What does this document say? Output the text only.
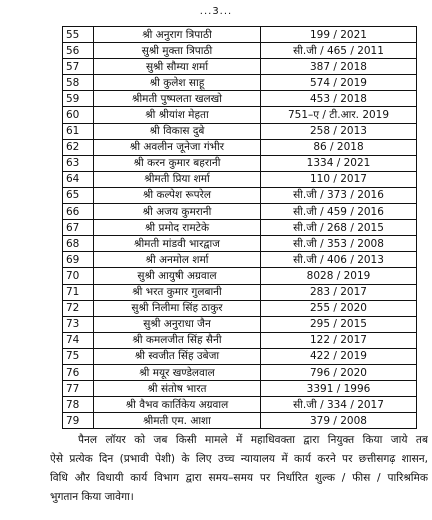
...3...
55	श्री अनुराग त्रिपाठी	199 / 2021
56	सुश्री मुक्ता त्रिपाठी	सी.जी / 465 / 2011
57	सुश्री सौम्या शर्मा	387 / 2018
58	श्री कुलेश साहू	574 / 2019
59	श्रीमती पुष्पलता खलखो	453 / 2018
60	श्री श्रीयांश मेहता	751–ए / टी.आर. 2019
61	श्री विकास दुबे	258 / 2013
62	श्री अवलीन जूनेजा गंभीर	86 / 2018
63	श्री करन कुमार बहरानी	1334 / 2021
64	श्रीमती प्रिया शर्मा	110 / 2017
65	श्री कल्पेश रूपरेल	सी.जी / 373 / 2016
66	श्री अजय कुमरानी	सी.जी / 459 / 2016
67	श्री प्रमोद रामटेके	सी.जी / 268 / 2015
68	श्रीमती मांडवी भारद्वाज	सी.जी / 353 / 2008
69	श्री अनमोल शर्मा	सी.जी / 406 / 2013
70	सुश्री आयुषी अग्रवाल	8028 / 2019
71	श्री भरत कुमार गुलबानी	283 / 2017
72	सुश्री निलीमा सिंह ठाकुर	255 / 2020
73	सुश्री अनुराधा जैन	295 / 2015
74	श्री कमलजीत सिंह सैनी	122 / 2017
75	श्री स्वजीत सिंह उबेजा	422 / 2019
76	श्री मयूर खण्डेलवाल	796 / 2020
77	श्री संतोष भारत	3391 / 1996
78	श्री वैभव कार्तिकेय अग्रवाल	सी.जी / 334 / 2017
79	श्रीमती एम. आशा	379 / 2008
पैनल लॉयर को जब किसी मामले में महाधिवक्ता द्वारा नियुक्त किया जाये तब
ऐसे प्रत्येक दिन (प्रभावी पेशी) के लिए उच्च न्यायालय में कार्य करने पर छत्तीसगढ़ शासन,
विधि और विधायी कार्य विभाग द्वारा समय–समय पर निर्धारित शुल्क / फीस / पारिश्रमिक
भुगतान किया जावेगा।
